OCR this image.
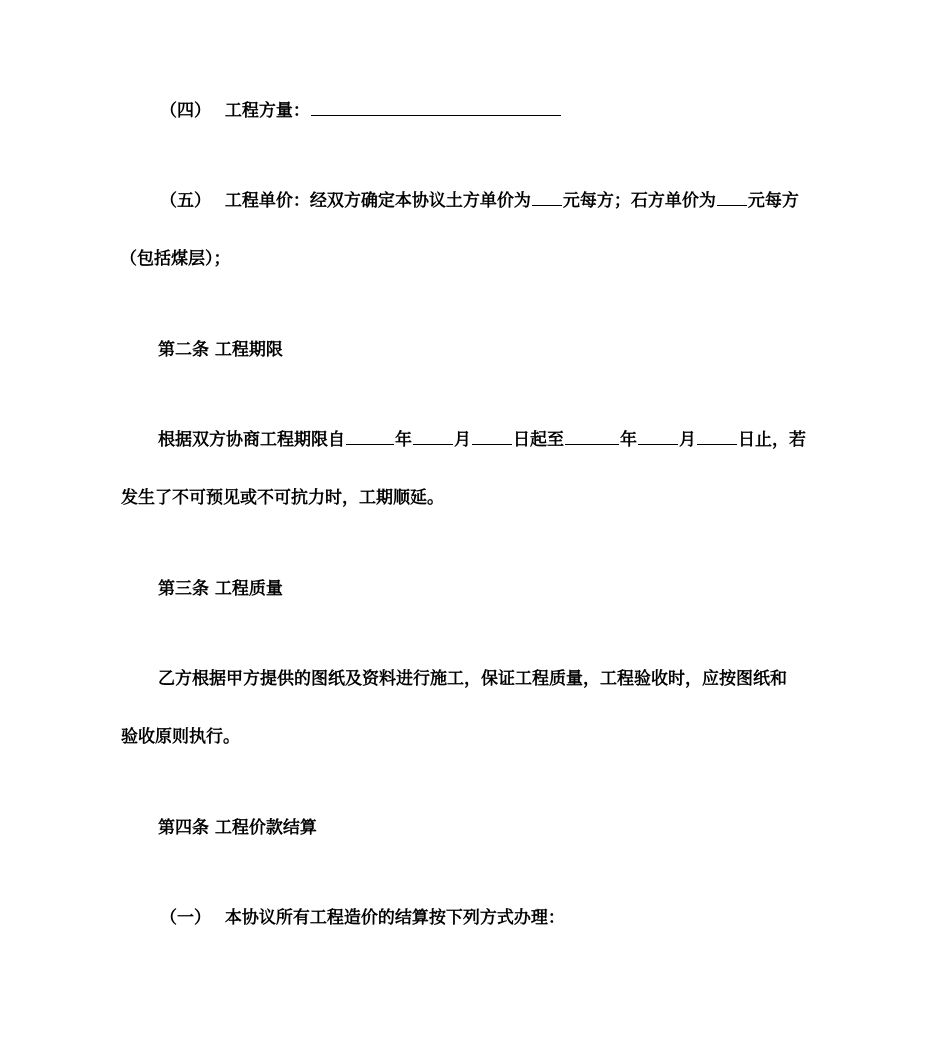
（四） 工程方量：
（五） 工程单价：经双方确定本协议土方单价为 元每方；石方单价为 元每方
（包括煤层）；
第二条 工程期限
根据双方协商工程期限自	年 月 日起至	年 月 日止，若
发生了不可预见或不可抗力时，工期顺延。
第三条 工程质量
乙方根据甲方提供的图纸及资料进行施工，保证工程质量，工程验收时，应按图纸和
验收原则执行。
第四条 工程价款结算
（一） 本协议所有工程造价的结算按下列方式办理：
